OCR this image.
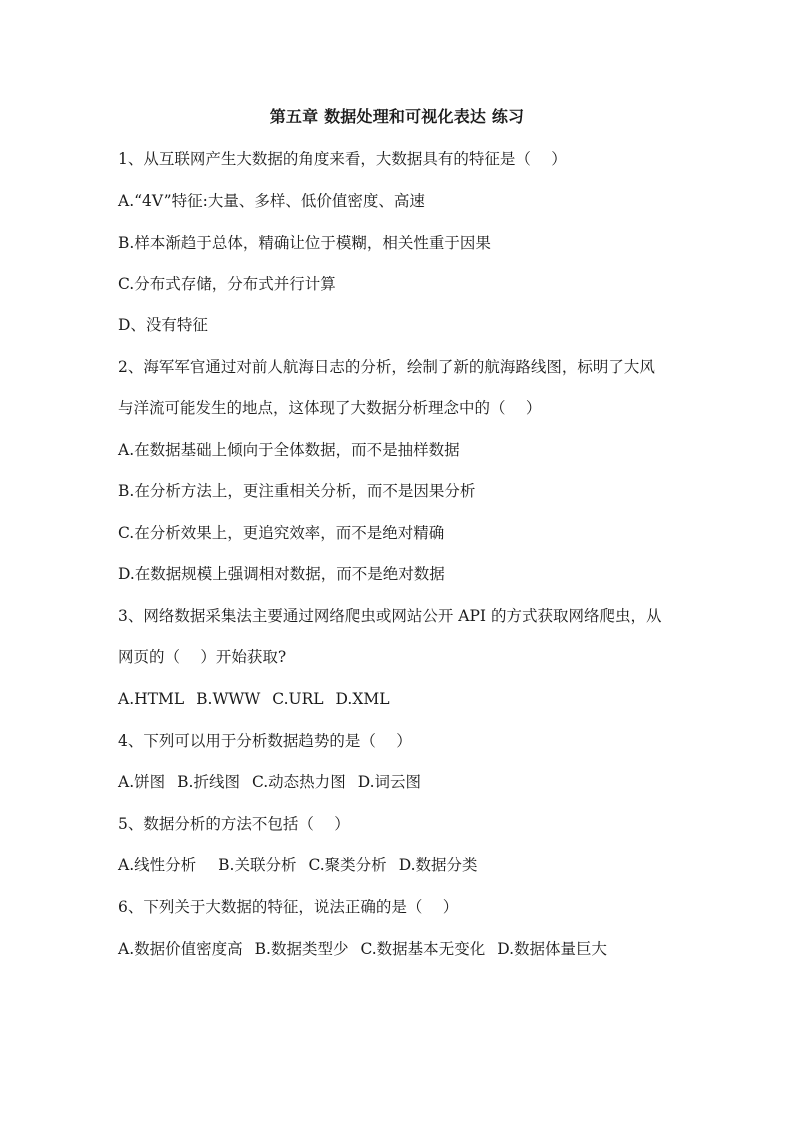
第五章 数据处理和可视化表达 练习
1、从互联网产生大数据的角度来看，大数据具有的特征是（　 ）
A.“4V”特征:大量、多样、低价值密度、高速
B.样本渐趋于总体，精确让位于模糊，相关性重于因果
C.分布式存储，分布式并行计算
D、没有特征
2、海军军官通过对前人航海日志的分析，绘制了新的航海路线图，标明了大风
与洋流可能发生的地点，这体现了大数据分析理念中的（　 ）
A.在数据基础上倾向于全体数据，而不是抽样数据
B.在分析方法上，更注重相关分析，而不是因果分析
C.在分析效果上，更追究效率，而不是绝对精确
D.在数据规模上强调相对数据，而不是绝对数据
3、网络数据采集法主要通过网络爬虫或网站公开 API 的方式获取网络爬虫，从
网页的（　 ）开始获取?
A.HTML B.WWW C.URL D.XML
4、下列可以用于分析数据趋势的是（　 ）
A.饼图 B.折线图 C.动态热力图 D.词云图
5、数据分析的方法不包括（　 ）
A.线性分析 B.关联分析 C.聚类分析 D.数据分类
6、下列关于大数据的特征，说法正确的是（　 ）
A.数据价值密度高 B.数据类型少 C.数据基本无变化 D.数据体量巨大
